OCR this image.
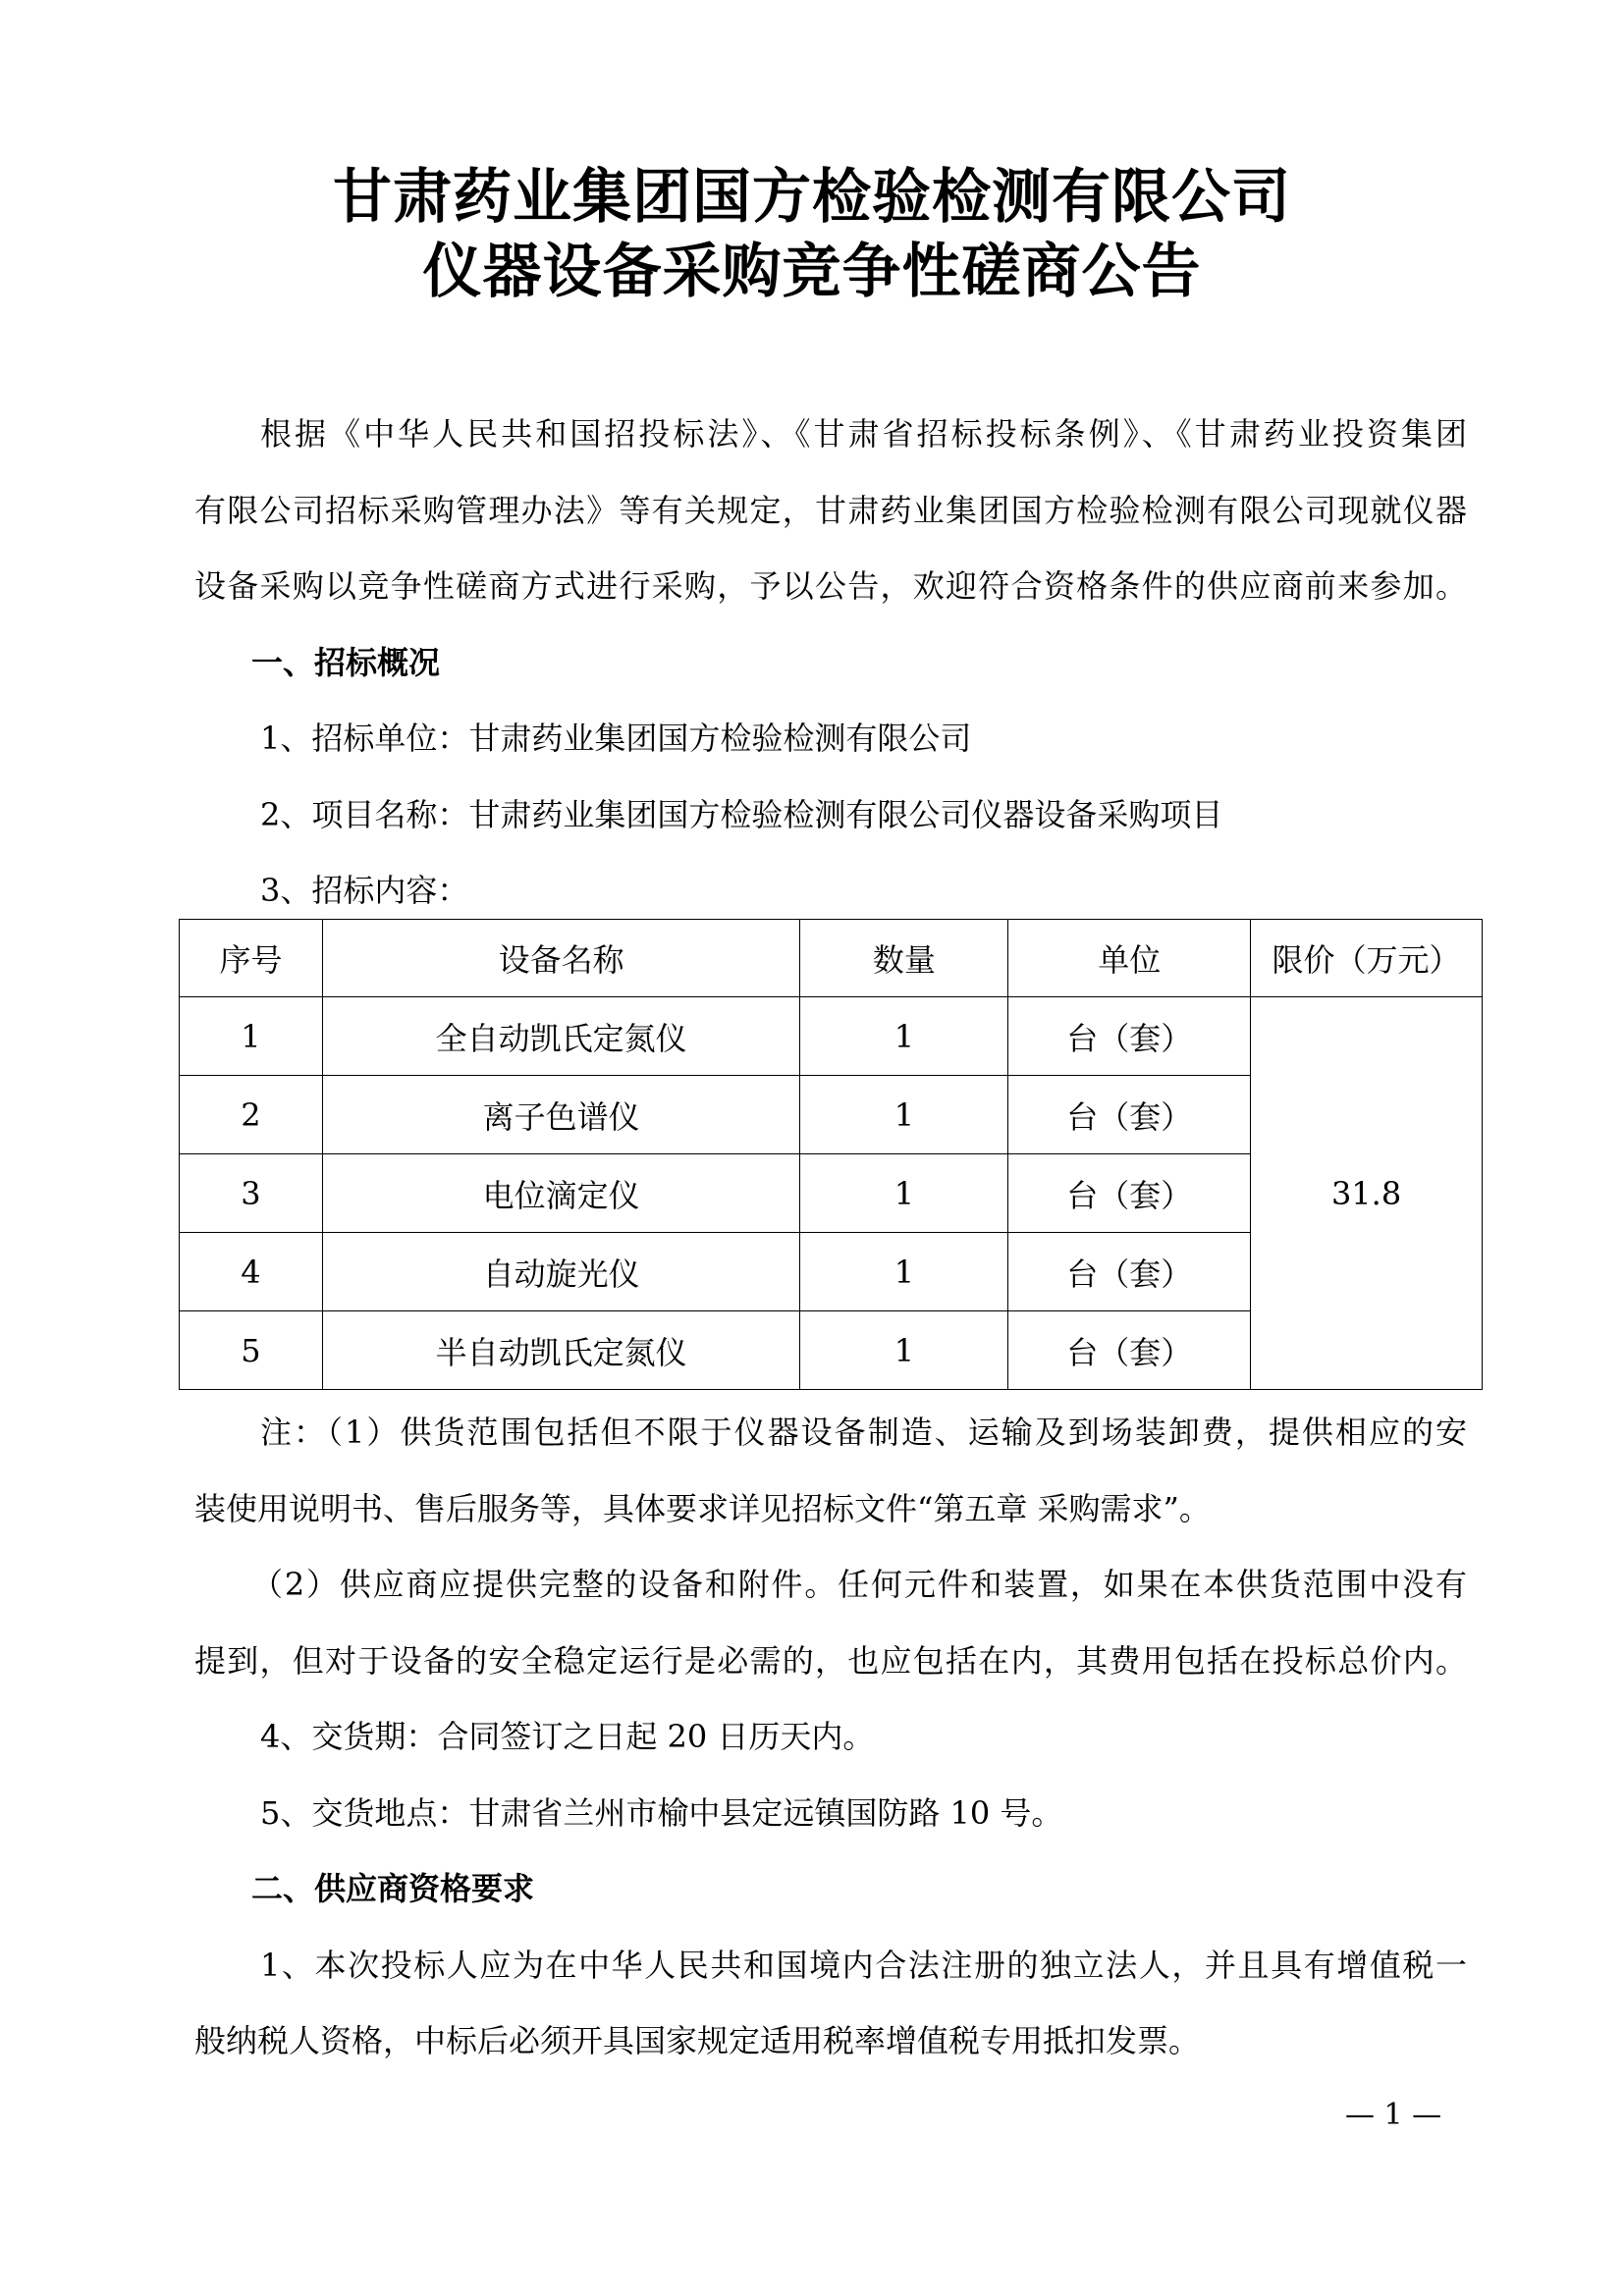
甘肃药业集团国方检验检测有限公司
仪器设备采购竞争性磋商公告
根据《中华人民共和国招投标法》、《甘肃省招标投标条例》、《甘肃药业投资集团
有限公司招标采购管理办法》等有关规定，甘肃药业集团国方检验检测有限公司现就仪器
设备采购以竞争性磋商方式进行采购，予以公告，欢迎符合资格条件的供应商前来参加。
一、招标概况
1、招标单位：甘肃药业集团国方检验检测有限公司
2、项目名称：甘肃药业集团国方检验检测有限公司仪器设备采购项目
3、招标内容：
序号	设备名称	数量	单位	限价（万元）
1	全自动凯氏定氮仪	1	台（套）	31.8
2	离子色谱仪	1	台（套）	
3	电位滴定仪	1	台（套）	
4	自动旋光仪	1	台（套）	
5	半自动凯氏定氮仪	1	台（套）	
注：（1）供货范围包括但不限于仪器设备制造、运输及到场装卸费，提供相应的安
装使用说明书、售后服务等，具体要求详见招标文件“第五章 采购需求”。
（2）供应商应提供完整的设备和附件。任何元件和装置，如果在本供货范围中没有
提到，但对于设备的安全稳定运行是必需的，也应包括在内，其费用包括在投标总价内。
4、交货期：合同签订之日起 20 日历天内。
5、交货地点：甘肃省兰州市榆中县定远镇国防路 10 号。
二、供应商资格要求
1、本次投标人应为在中华人民共和国境内合法注册的独立法人，并且具有增值税一
般纳税人资格，中标后必须开具国家规定适用税率增值税专用抵扣发票。
— 1 —
